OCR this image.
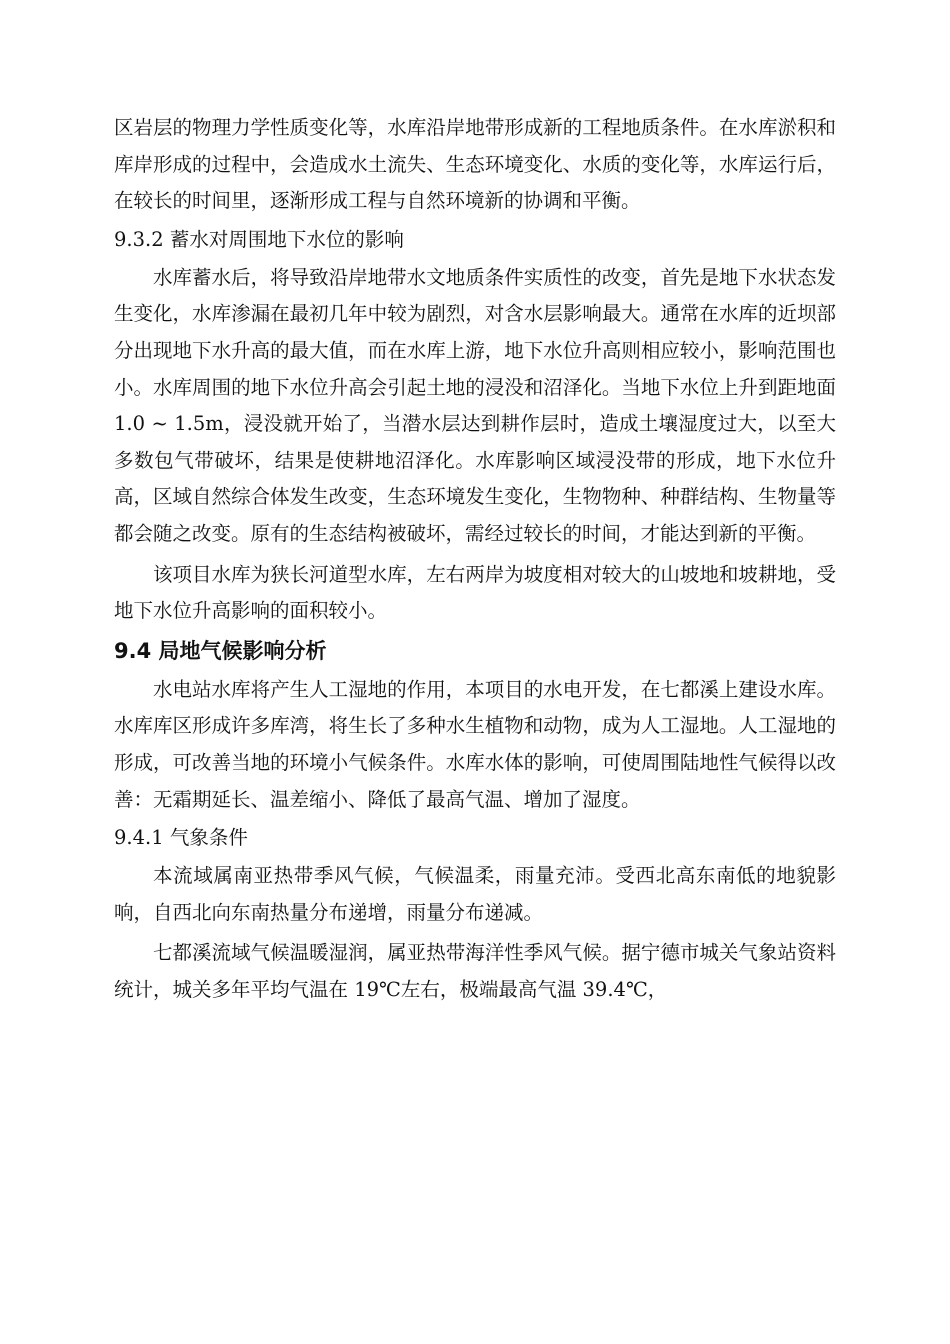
区岩层的物理力学性质变化等，水库沿岸地带形成新的工程地质条件。在水库淤积和库岸形成的过程中，会造成水土流失、生态环境变化、水质的变化等，水库运行后，在较长的时间里，逐渐形成工程与自然环境新的协调和平衡。

9.3.2 蓄水对周围地下水位的影响

水库蓄水后，将导致沿岸地带水文地质条件实质性的改变，首先是地下水状态发生变化，水库渗漏在最初几年中较为剧烈，对含水层影响最大。通常在水库的近坝部分出现地下水升高的最大值，而在水库上游，地下水位升高则相应较小，影响范围也小。水库周围的地下水位升高会引起土地的浸没和沼泽化。当地下水位上升到距地面 1.0 ~ 1.5m，浸没就开始了，当潜水层达到耕作层时，造成土壤湿度过大，以至大多数包气带破坏，结果是使耕地沼泽化。水库影响区域浸没带的形成，地下水位升高，区域自然综合体发生改变，生态环境发生变化，生物物种、种群结构、生物量等都会随之改变。原有的生态结构被破坏，需经过较长的时间，才能达到新的平衡。

该项目水库为狭长河道型水库，左右两岸为坡度相对较大的山坡地和坡耕地，受地下水位升高影响的面积较小。

9.4 局地气候影响分析

水电站水库将产生人工湿地的作用，本项目的水电开发，在七都溪上建设水库。水库库区形成许多库湾，将生长了多种水生植物和动物，成为人工湿地。人工湿地的形成，可改善当地的环境小气候条件。水库水体的影响，可使周围陆地性气候得以改善：无霜期延长、温差缩小、降低了最高气温、增加了湿度。

9.4.1 气象条件

本流域属南亚热带季风气候，气候温柔，雨量充沛。受西北高东南低的地貌影响，自西北向东南热量分布递增，雨量分布递减。

七都溪流域气候温暖湿润，属亚热带海洋性季风气候。据宁德市城关气象站资料统计，城关多年平均气温在 19℃左右，极端最高气温 39.4℃，
